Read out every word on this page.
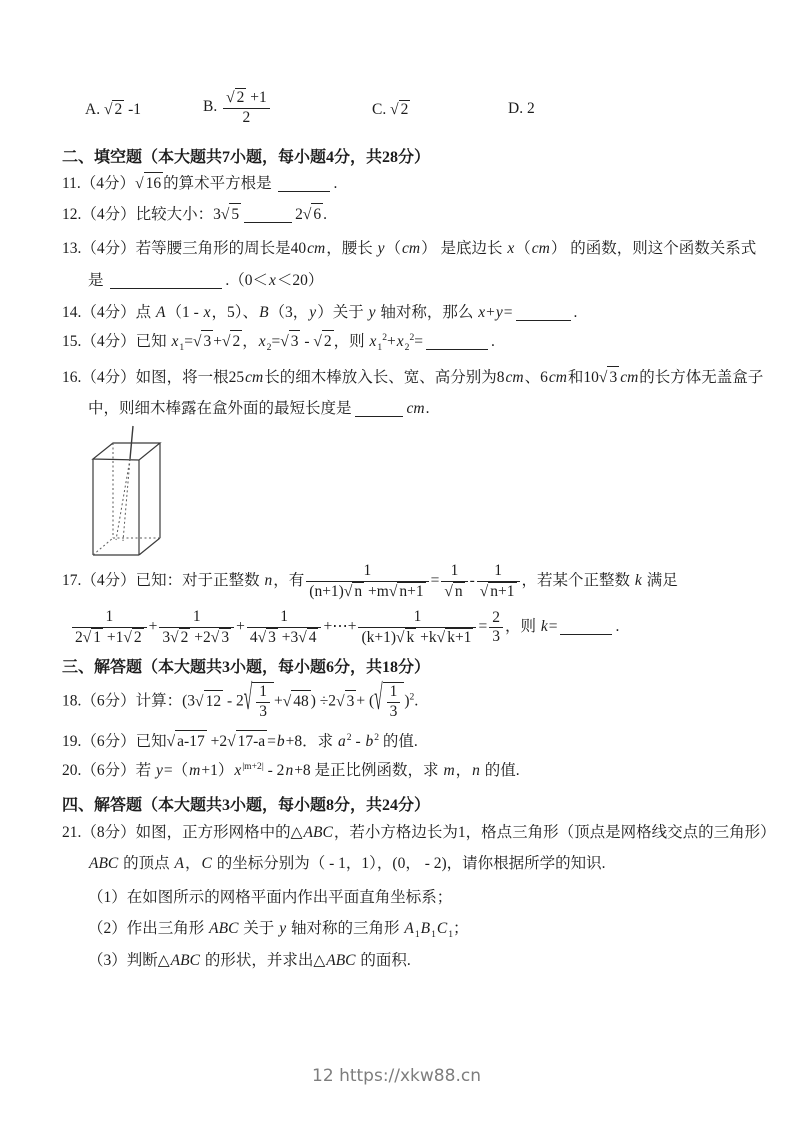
A. √ 2 -1	B. $\frac{√ 2 +1}{2}$	C. √ 2	D. 2
二、填空题（本大题共7小题，每小题4分，共28分）
11.（4分）√ 16 的算术平方根是	.
12.（4分）比较大小：3√ 5	2√ 6 .
13.（4分）若等腰三角形的周长是40cm，腰长 y（cm） 是底边长 x（cm） 的函数，则这个函数关系式
是	.（0＜x＜20）
14.（4分）点 A（1 - x，5）、B（3，y）关于 y 轴对称，那么 x+y=	.
15.（4分）已知 $x_1=√$ 3 +√ 2 ，$x_2=√$ 3 - √ 2 ，则 $x_1^2+x_2^2=$	.
16.（4分）如图，将一根25cm长的细木棒放入长、宽、高分别为8cm、6cm和10√ 3 cm的长方体无盖盒子
中，则细木棒露在盒外面的最短长度是	cm.
17.（4分）已知：对于正整数 n，有 $\frac{1}{(n+1)√ n +m√ n+1} = \frac{1}{√ n} - \frac{1}{√ n+1}$ ，若某个正整数 k 满足
$\frac{1}{2√ 1 +1√ 2} + \frac{1}{3√ 2 +2√ 3} + \frac{1}{4√ 3 +3√ 4}$ +⋯+ $\frac{1}{(k+1)√ k +k√ k+1} = \frac{2}{3}$ ，则 k=	.
三、解答题（本大题共3小题，每小题6分，共18分）
18.（6分）计算：(3√ $12 - 2√ \frac{1}{3}$ +√ 48 ) ÷2√ 3 + (√ $\frac{1}{3} )^2$.
19.（6分）已知√ a-17 +2√ 17-a =b+8．求 $a^2 - b^2$ 的值.
20.（6分）若 $y=(m+1)x^{|m+2|} - 2n+8$ 是正比例函数，求 m，n 的值.
四、解答题（本大题共3小题，每小题8分，共24分）
21.（8分）如图，正方形网格中的△ABC，若小方格边长为1，格点三角形（顶点是网格线交点的三角形）
ABC 的顶点 A，C 的坐标分别为（ - 1，1），(0， - 2)，请你根据所学的知识.
（1）在如图所示的网格平面内作出平面直角坐标系；
（2）作出三角形 ABC 关于 y 轴对称的三角形 $A_1B_1C_1$；
（3）判断△ABC 的形状，并求出△ABC 的面积.
12 https://xkw88.cn
